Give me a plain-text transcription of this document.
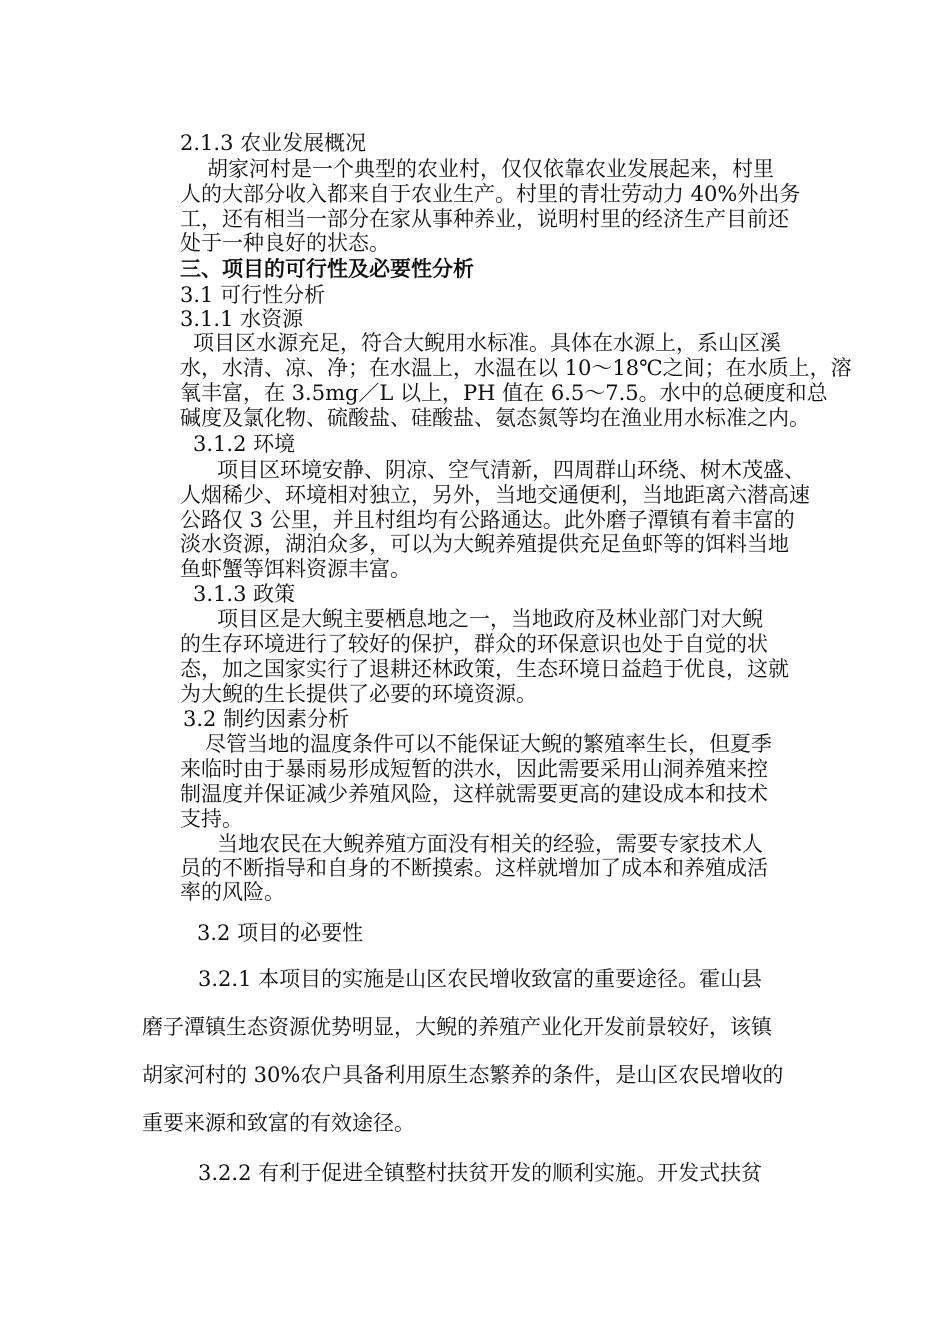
2.1.3 农业发展概况
胡家河村是一个典型的农业村，仅仅依靠农业发展起来，村里
人的大部分收入都来自于农业生产。村里的青壮劳动力 40%外出务
工，还有相当一部分在家从事种养业，说明村里的经济生产目前还
处于一种良好的状态。
三、项目的可行性及必要性分析
3.1 可行性分析
3.1.1 水资源
项目区水源充足，符合大鲵用水标准。具体在水源上，系山区溪
水，水清、凉、净；在水温上，水温在以 10～18℃之间；在水质上，溶
氧丰富，在 3.5mg／L 以上，PH 值在 6.5～7.5。水中的总硬度和总
碱度及氯化物、硫酸盐、硅酸盐、氨态氮等均在渔业用水标准之内。
3.1.2 环境
项目区环境安静、阴凉、空气清新，四周群山环绕、树木茂盛、
人烟稀少、环境相对独立，另外，当地交通便利，当地距离六潜高速
公路仅 3 公里，并且村组均有公路通达。此外磨子潭镇有着丰富的
淡水资源，湖泊众多，可以为大鲵养殖提供充足鱼虾等的饵料当地
鱼虾蟹等饵料资源丰富。
3.1.3 政策
项目区是大鲵主要栖息地之一，当地政府及林业部门对大鲵
的生存环境进行了较好的保护，群众的环保意识也处于自觉的状
态，加之国家实行了退耕还林政策，生态环境日益趋于优良，这就
为大鲵的生长提供了必要的环境资源。
3.2 制约因素分析
尽管当地的温度条件可以不能保证大鲵的繁殖率生长，但夏季
来临时由于暴雨易形成短暂的洪水，因此需要采用山洞养殖来控
制温度并保证减少养殖风险，这样就需要更高的建设成本和技术
支持。
当地农民在大鲵养殖方面没有相关的经验，需要专家技术人
员的不断指导和自身的不断摸索。这样就增加了成本和养殖成活
率的风险。
3.2 项目的必要性
3.2.1 本项目的实施是山区农民增收致富的重要途径。霍山县
磨子潭镇生态资源优势明显，大鲵的养殖产业化开发前景较好，该镇
胡家河村的 30%农户具备利用原生态繁养的条件，是山区农民增收的
重要来源和致富的有效途径。
3.2.2 有利于促进全镇整村扶贫开发的顺利实施。开发式扶贫
